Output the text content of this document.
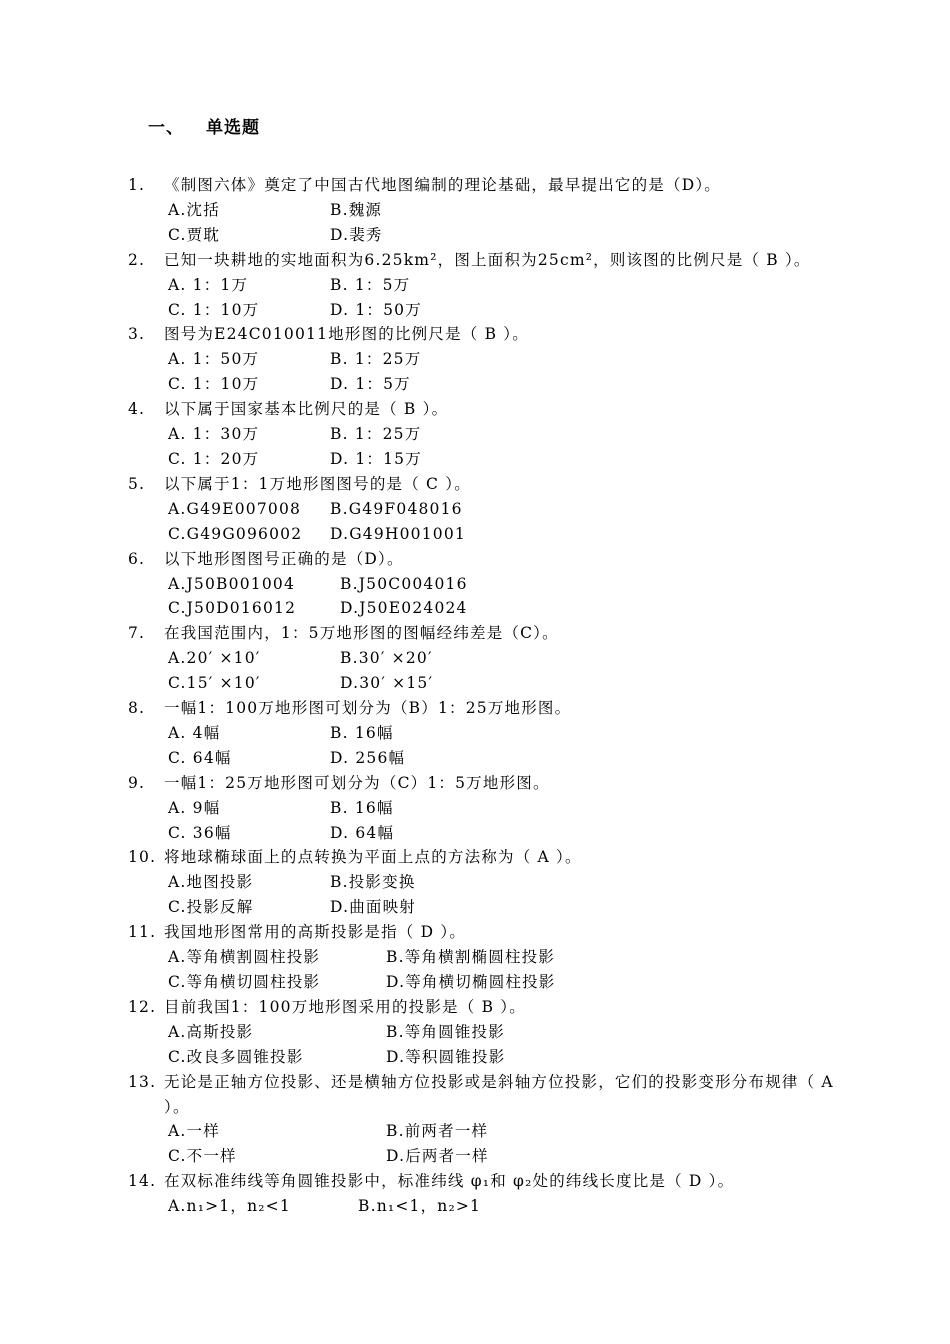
一、 单选题
1.	《制图六体》奠定了中国古代地图编制的理论基础，最早提出它的是（D）。
A.沈括	B.魏源
C.贾耽	D.裴秀
2.	已知一块耕地的实地面积为6.25km²，图上面积为25cm²，则该图的比例尺是（ B ）。
A. 1：1万	B. 1：5万
C. 1：10万	D. 1：50万
3.	图号为E24C010011地形图的比例尺是（ B ）。
A. 1：50万	B. 1：25万
C. 1：10万	D. 1：5万
4.	以下属于国家基本比例尺的是（ B ）。
A. 1：30万	B. 1：25万
C. 1：20万	D. 1：15万
5.	以下属于1：1万地形图图号的是（ C ）。
A.G49E007008	B.G49F048016
C.G49G096002	D.G49H001001
6.	以下地形图图号正确的是（D）。
A.J50B001004	B.J50C004016
C.J50D016012	D.J50E024024
7.	在我国范围内，1：5万地形图的图幅经纬差是（C）。
A.20′ ×10′	B.30′ ×20′
C.15′ ×10′	D.30′ ×15′
8.	一幅1：100万地形图可划分为（B）1：25万地形图。
A. 4幅	B. 16幅
C. 64幅	D. 256幅
9.	一幅1：25万地形图可划分为（C）1：5万地形图。
A. 9幅	B. 16幅
C. 36幅	D. 64幅
10. 将地球椭球面上的点转换为平面上点的方法称为（ A ）。
A.地图投影	B.投影变换
C.投影反解	D.曲面映射
11. 我国地形图常用的高斯投影是指（ D ）。
A.等角横割圆柱投影	B.等角横割椭圆柱投影
C.等角横切圆柱投影	D.等角横切椭圆柱投影
12. 目前我国1：100万地形图采用的投影是（ B ）。
A.高斯投影	B.等角圆锥投影
C.改良多圆锥投影	D.等积圆锥投影
13. 无论是正轴方位投影、还是横轴方位投影或是斜轴方位投影，它们的投影变形分布规律（ A ）。
A.一样	B.前两者一样
C.不一样	D.后两者一样
14. 在双标准纬线等角圆锥投影中，标准纬线 φ₁和 φ₂处的纬线长度比是（ D ）。
A.n₁>1，n₂<1	B.n₁<1，n₂>1
